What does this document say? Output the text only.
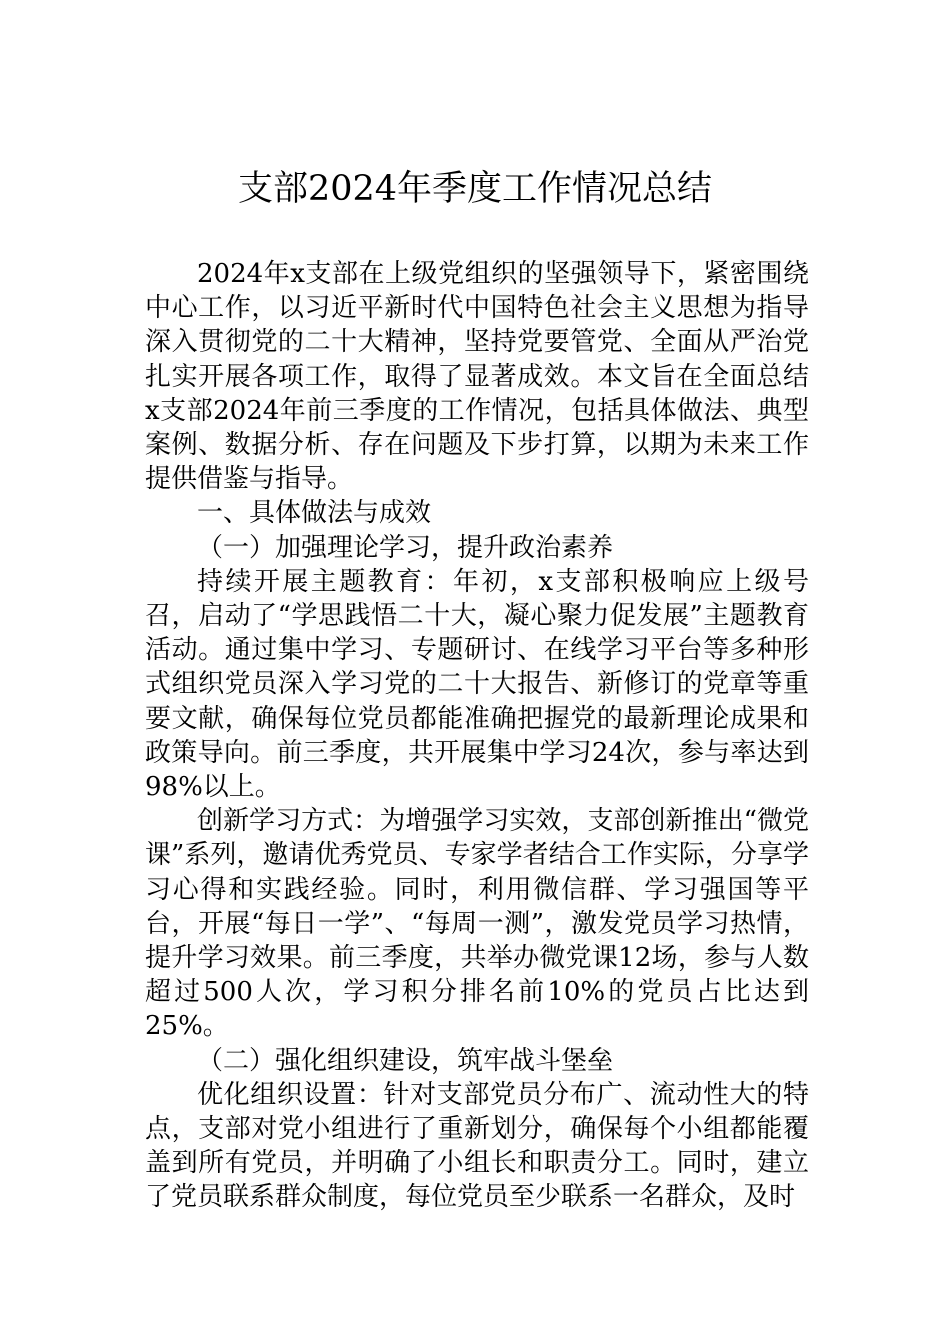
支部2024年季度工作情况总结

2024年x支部在上级党组织的坚强领导下，紧密围绕中心工作，以习近平新时代中国特色社会主义思想为指导深入贯彻党的二十大精神，坚持党要管党、全面从严治党扎实开展各项工作，取得了显著成效。本文旨在全面总结x支部2024年前三季度的工作情况，包括具体做法、典型案例、数据分析、存在问题及下步打算，以期为未来工作提供借鉴与指导。

一、具体做法与成效

（一）加强理论学习，提升政治素养

持续开展主题教育：年初，x支部积极响应上级号召，启动了“学思践悟二十大，凝心聚力促发展”主题教育活动。通过集中学习、专题研讨、在线学习平台等多种形式组织党员深入学习党的二十大报告、新修订的党章等重要文献，确保每位党员都能准确把握党的最新理论成果和政策导向。前三季度，共开展集中学习24次，参与率达到98%以上。

创新学习方式：为增强学习实效，支部创新推出“微党课”系列，邀请优秀党员、专家学者结合工作实际，分享学习心得和实践经验。同时，利用微信群、学习强国等平台，开展“每日一学”、“每周一测”，激发党员学习热情，提升学习效果。前三季度，共举办微党课12场，参与人数超过500人次，学习积分排名前10%的党员占比达到25%。

（二）强化组织建设，筑牢战斗堡垒

优化组织设置：针对支部党员分布广、流动性大的特点，支部对党小组进行了重新划分，确保每个小组都能覆盖到所有党员，并明确了小组长和职责分工。同时，建立了党员联系群众制度，每位党员至少联系一名群众，及时
